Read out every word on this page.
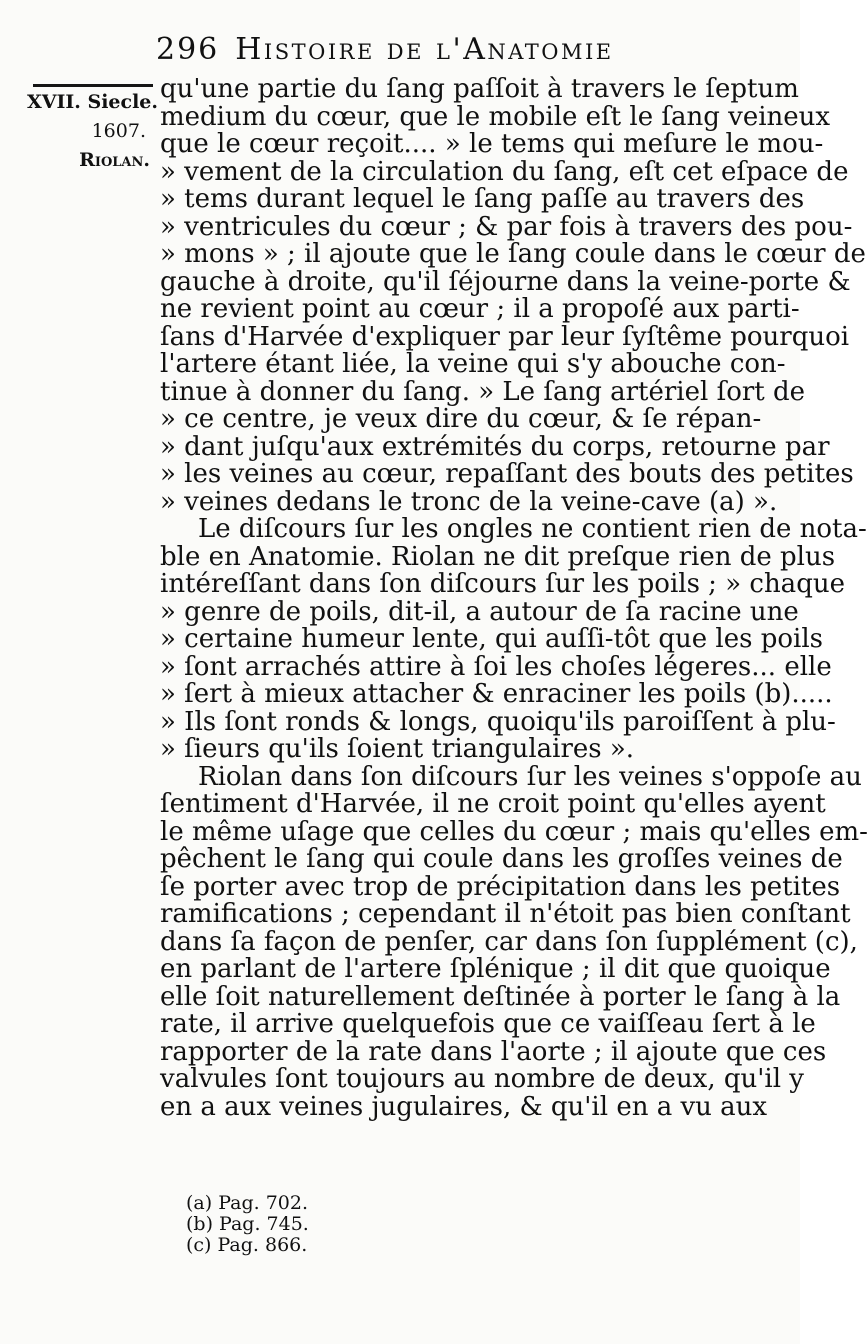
296 Histoire de l'Anatomie
XVII. Siecle.
1607.
Riolan.
qu'une partie du ſang paſſoit à travers le ſeptum
medium du cœur, que le mobile eſt le ſang veineux
que le cœur reçoit.... » le tems qui meſure le mou-
» vement de la circulation du ſang, eſt cet eſpace de
» tems durant lequel le ſang paſſe au travers des
» ventricules du cœur ; & par fois à travers des pou-
» mons » ; il ajoute que le ſang coule dans le cœur de
gauche à droite, qu'il ſéjourne dans la veine-porte &
ne revient point au cœur ; il a propoſé aux parti-
ſans d'Harvée d'expliquer par leur ſyſtême pourquoi
l'artere étant liée, la veine qui s'y abouche con-
tinue à donner du ſang. » Le ſang artériel ſort de
» ce centre, je veux dire du cœur, & ſe répan-
» dant juſqu'aux extrémités du corps, retourne par
» les veines au cœur, repaſſant des bouts des petites
» veines dedans le tronc de la veine-cave (a) ».
Le diſcours ſur les ongles ne contient rien de nota-
ble en Anatomie. Riolan ne dit preſque rien de plus
intéreſſant dans ſon diſcours ſur les poils ; » chaque
» genre de poils, dit-il, a autour de ſa racine une
» certaine humeur lente, qui auſſi-tôt que les poils
» ſont arrachés attire à ſoi les choſes légeres... elle
» ſert à mieux attacher & enraciner les poils (b).....
» Ils ſont ronds & longs, quoiqu'ils paroiſſent à plu-
» ſieurs qu'ils ſoient triangulaires ».
Riolan dans ſon diſcours ſur les veines s'oppoſe au
ſentiment d'Harvée, il ne croit point qu'elles ayent
le même uſage que celles du cœur ; mais qu'elles em-
pêchent le ſang qui coule dans les groſſes veines de
ſe porter avec trop de précipitation dans les petites
ramifications ; cependant il n'étoit pas bien conſtant
dans ſa façon de penſer, car dans ſon ſupplément (c),
en parlant de l'artere ſplénique ; il dit que quoique
elle ſoit naturellement deſtinée à porter le ſang à la
rate, il arrive quelquefois que ce vaiſſeau ſert à le
rapporter de la rate dans l'aorte ; il ajoute que ces
valvules ſont toujours au nombre de deux, qu'il y
en a aux veines jugulaires, & qu'il en a vu aux
(a) Pag. 702.
(b) Pag. 745.
(c) Pag. 866.
